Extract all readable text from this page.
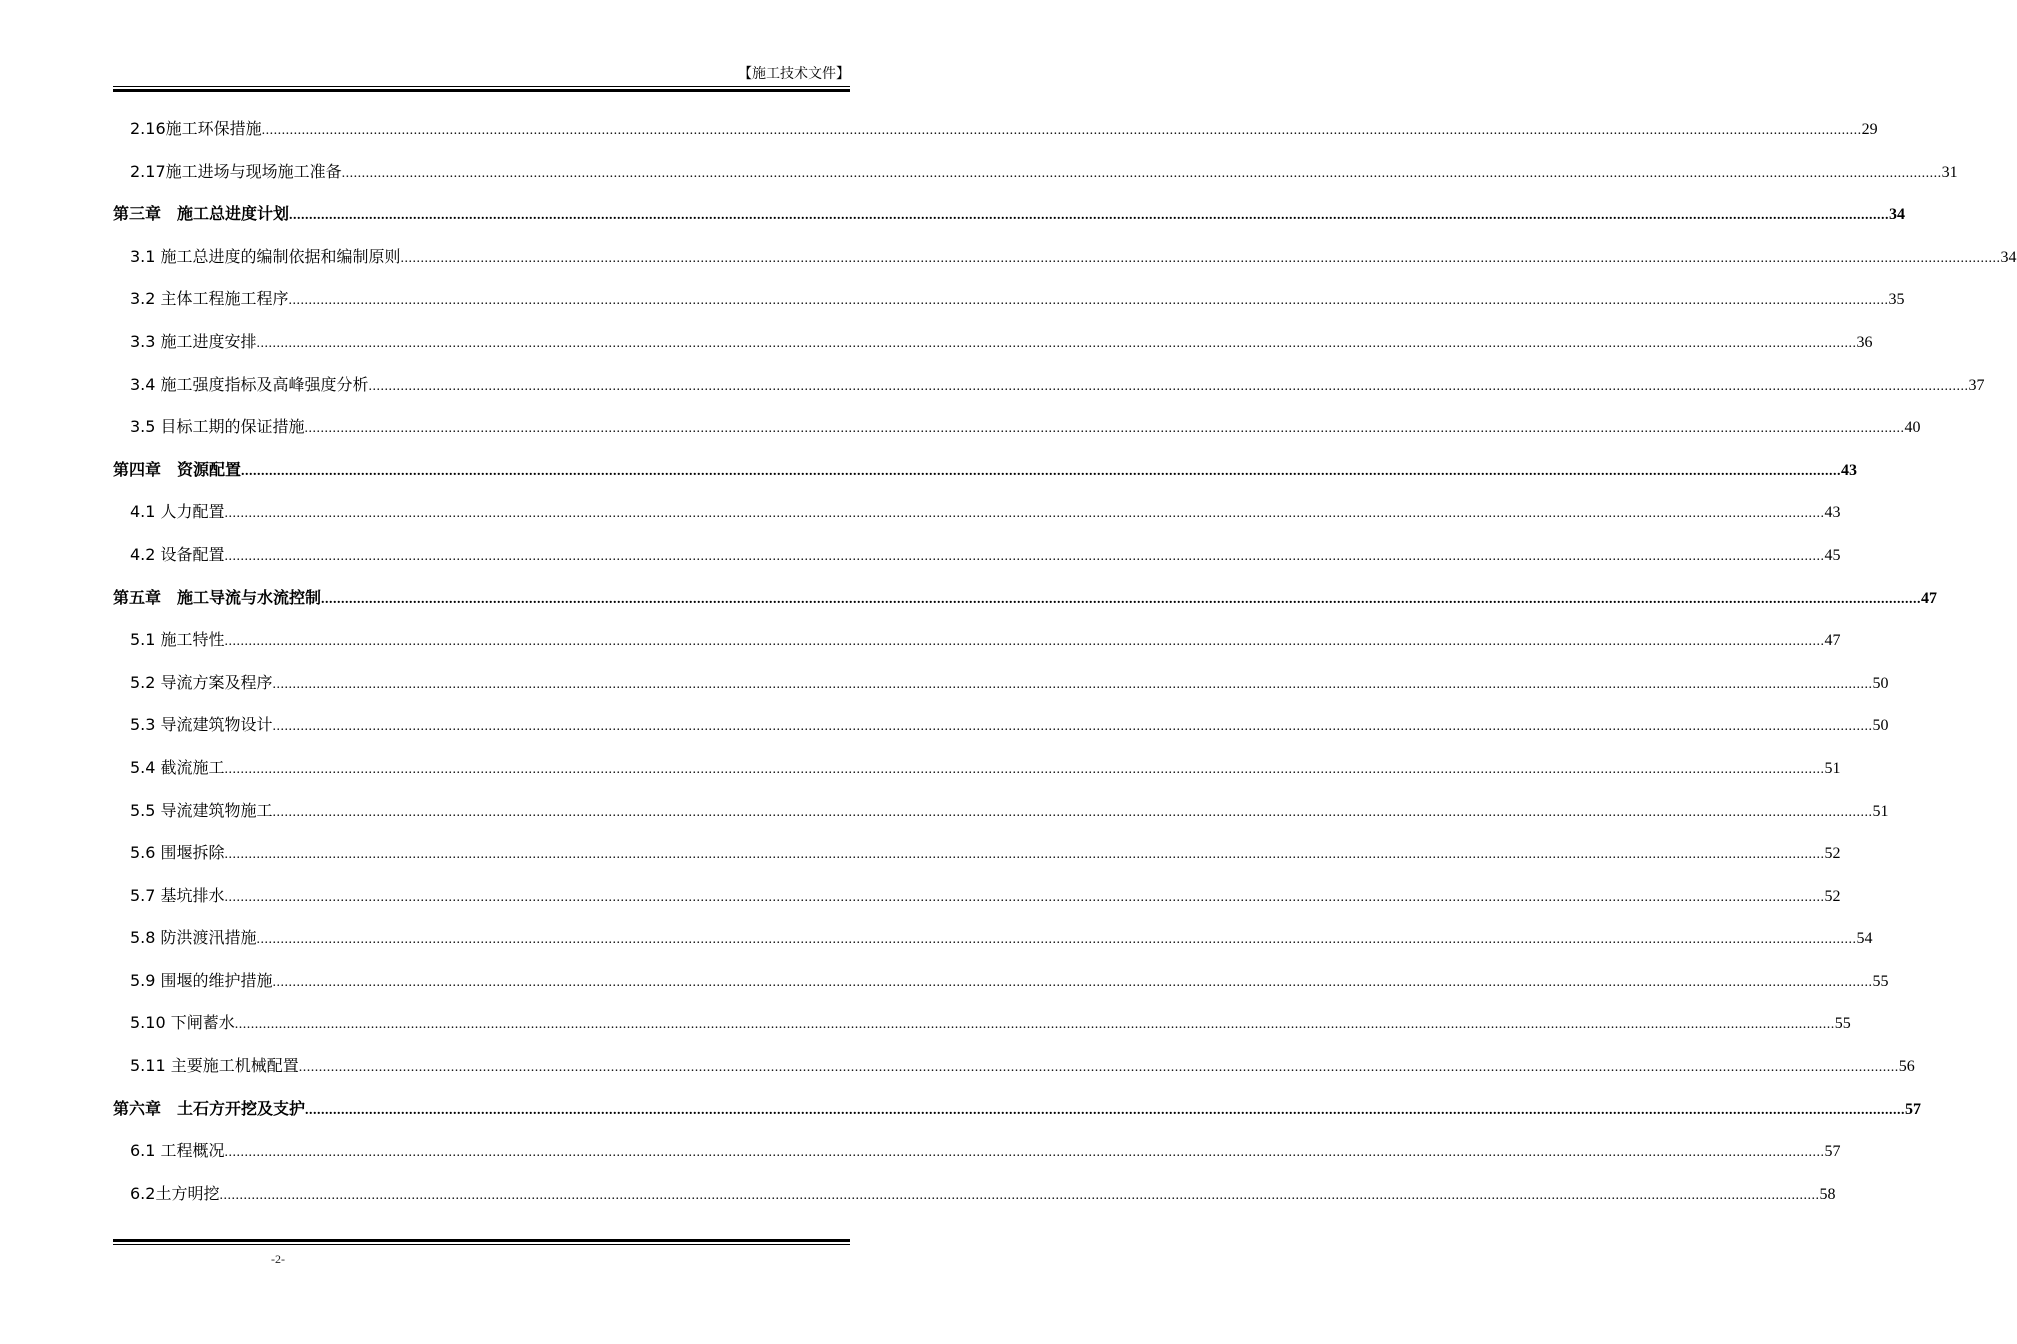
【施工技术文件】
2.16施工环保措施 ................................................................................................................................................................................................................................................................................................................................................................................................................ 29
2.17施工进场与现场施工准备 ................................................................................................................................................................................................................................................................................................................................................................................................................ 31
第三章　施工总进度计划 ................................................................................................................................................................................................................................................................................................................................................................................................................ 34
3.1 施工总进度的编制依据和编制原则 ................................................................................................................................................................................................................................................................................................................................................................................................................ 34
3.2 主体工程施工程序 ................................................................................................................................................................................................................................................................................................................................................................................................................ 35
3.3 施工进度安排 ................................................................................................................................................................................................................................................................................................................................................................................................................ 36
3.4 施工强度指标及高峰强度分析 ................................................................................................................................................................................................................................................................................................................................................................................................................ 37
3.5 目标工期的保证措施 ................................................................................................................................................................................................................................................................................................................................................................................................................ 40
第四章　资源配置 ................................................................................................................................................................................................................................................................................................................................................................................................................ 43
4.1 人力配置 ................................................................................................................................................................................................................................................................................................................................................................................................................ 43
4.2 设备配置 ................................................................................................................................................................................................................................................................................................................................................................................................................ 45
第五章　施工导流与水流控制 ................................................................................................................................................................................................................................................................................................................................................................................................................ 47
5.1 施工特性 ................................................................................................................................................................................................................................................................................................................................................................................................................ 47
5.2 导流方案及程序 ................................................................................................................................................................................................................................................................................................................................................................................................................ 50
5.3 导流建筑物设计 ................................................................................................................................................................................................................................................................................................................................................................................................................ 50
5.4 截流施工 ................................................................................................................................................................................................................................................................................................................................................................................................................ 51
5.5 导流建筑物施工 ................................................................................................................................................................................................................................................................................................................................................................................................................ 51
5.6 围堰拆除 ................................................................................................................................................................................................................................................................................................................................................................................................................ 52
5.7 基坑排水 ................................................................................................................................................................................................................................................................................................................................................................................................................ 52
5.8 防洪渡汛措施 ................................................................................................................................................................................................................................................................................................................................................................................................................ 54
5.9 围堰的维护措施 ................................................................................................................................................................................................................................................................................................................................................................................................................ 55
5.10 下闸蓄水 ................................................................................................................................................................................................................................................................................................................................................................................................................ 55
5.11 主要施工机械配置 ................................................................................................................................................................................................................................................................................................................................................................................................................ 56
第六章　土石方开挖及支护 ................................................................................................................................................................................................................................................................................................................................................................................................................ 57
6.1 工程概况 ................................................................................................................................................................................................................................................................................................................................................................................................................ 57
6.2土方明挖 ................................................................................................................................................................................................................................................................................................................................................................................................................ 58
-2-
